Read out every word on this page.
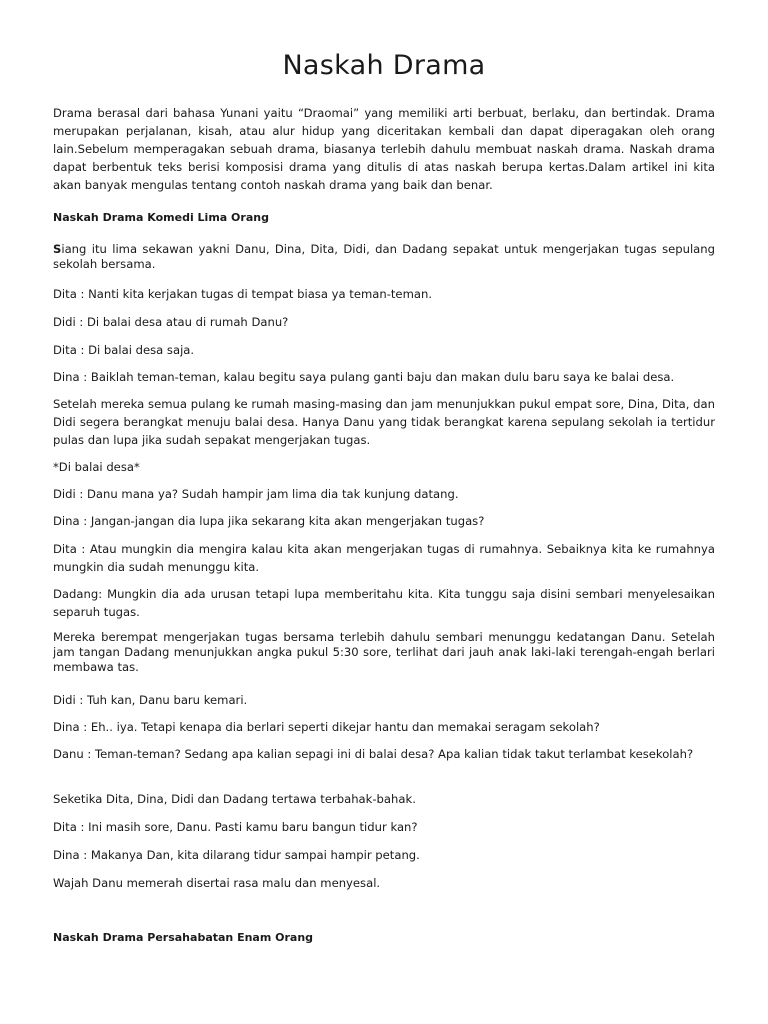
Naskah Drama

Drama berasal dari bahasa Yunani yaitu “Draomai” yang memiliki arti berbuat, berlaku, dan bertindak. Drama merupakan perjalanan, kisah, atau alur hidup yang diceritakan kembali dan dapat diperagakan oleh orang lain.Sebelum memperagakan sebuah drama, biasanya terlebih dahulu membuat naskah drama. Naskah drama dapat berbentuk teks berisi komposisi drama yang ditulis di atas naskah berupa kertas.Dalam artikel ini kita akan banyak mengulas tentang contoh naskah drama yang baik dan benar.

Naskah Drama Komedi Lima Orang

Siang itu lima sekawan yakni Danu, Dina, Dita, Didi, dan Dadang sepakat untuk mengerjakan tugas sepulang sekolah bersama.

Dita : Nanti kita kerjakan tugas di tempat biasa ya teman-teman.

Didi : Di balai desa atau di rumah Danu?

Dita : Di balai desa saja.

Dina : Baiklah teman-teman, kalau begitu saya pulang ganti baju dan makan dulu baru saya ke balai desa.

Setelah mereka semua pulang ke rumah masing-masing dan jam menunjukkan pukul empat sore, Dina, Dita, dan Didi segera berangkat menuju balai desa. Hanya Danu yang tidak berangkat karena sepulang sekolah ia tertidur pulas dan lupa jika sudah sepakat mengerjakan tugas.

*Di balai desa*

Didi : Danu mana ya? Sudah hampir jam lima dia tak kunjung datang.

Dina : Jangan-jangan dia lupa jika sekarang kita akan mengerjakan tugas?

Dita : Atau mungkin dia mengira kalau kita akan mengerjakan tugas di rumahnya. Sebaiknya kita ke rumahnya mungkin dia sudah menunggu kita.

Dadang: Mungkin dia ada urusan tetapi lupa memberitahu kita. Kita tunggu saja disini sembari menyelesaikan separuh tugas.

Mereka berempat mengerjakan tugas bersama terlebih dahulu sembari menunggu kedatangan Danu. Setelah jam tangan Dadang menunjukkan angka pukul 5:30 sore, terlihat dari jauh anak laki-laki terengah-engah berlari membawa tas.

Didi : Tuh kan, Danu baru kemari.

Dina : Eh.. iya. Tetapi kenapa dia berlari seperti dikejar hantu dan memakai seragam sekolah?

Danu : Teman-teman? Sedang apa kalian sepagi ini di balai desa? Apa kalian tidak takut terlambat kesekolah?

Seketika Dita, Dina, Didi dan Dadang tertawa terbahak-bahak.

Dita : Ini masih sore, Danu. Pasti kamu baru bangun tidur kan?

Dina : Makanya Dan, kita dilarang tidur sampai hampir petang.

Wajah Danu memerah disertai rasa malu dan menyesal.

Naskah Drama Persahabatan Enam Orang
